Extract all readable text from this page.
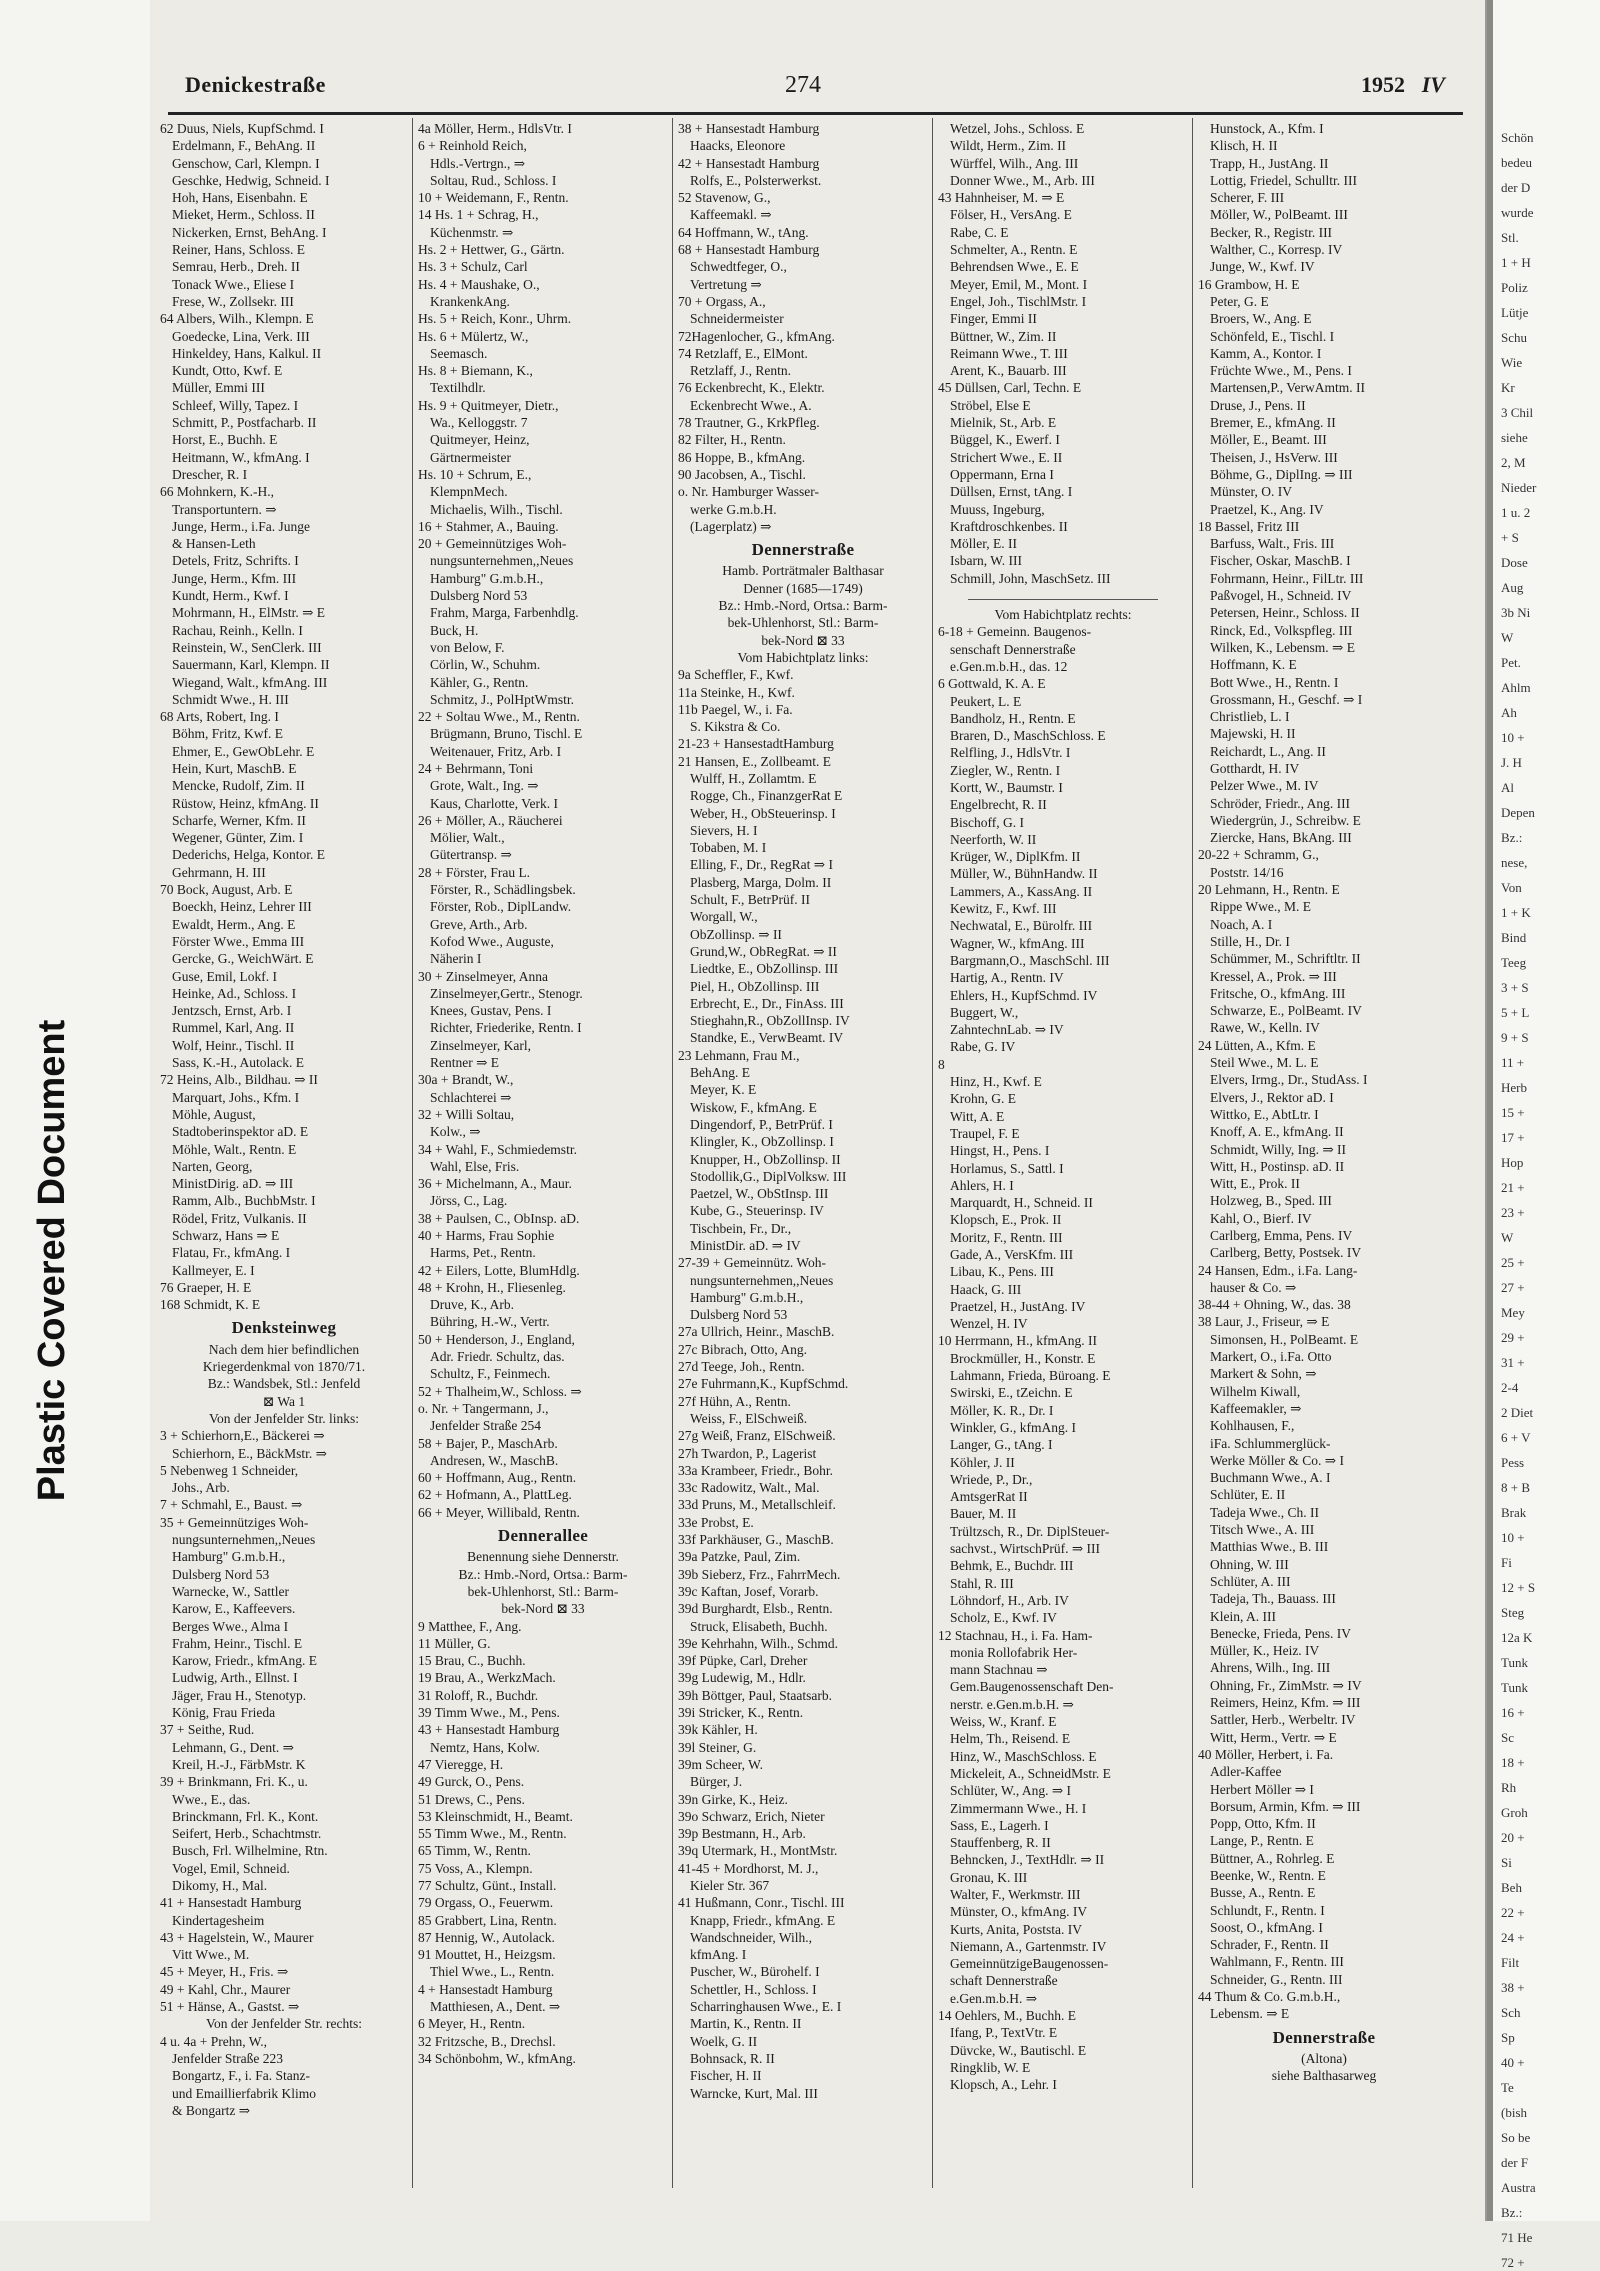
Plastic Covered Document
Denickestraße	274	1952 IV
62 Duus, Niels, KupfSchmd. I
Erdelmann, F., BehAng. II
Genschow, Carl, Klempn. I
Geschke, Hedwig, Schneid. I
Hoh, Hans, Eisenbahn. E
Mieket, Herm., Schloss. II
Nickerken, Ernst, BehAng. I
Reiner, Hans, Schloss. E
Semrau, Herb., Dreh. II
Tonack Wwe., Eliese I
Frese, W., Zollsekr. III
64 Albers, Wilh., Klempn. E
Goedecke, Lina, Verk. III
Hinkeldey, Hans, Kalkul. II
Kundt, Otto, Kwf. E
Müller, Emmi III
Schleef, Willy, Tapez. I
Schmitt, P., Postfacharb. II
Horst, E., Buchh. E
Heitmann, W., kfmAng. I
Drescher, R. I
66 Mohnkern, K.-H.,
Transportuntern. ⇒
Junge, Herm., i.Fa. Junge
& Hansen-Leth
Detels, Fritz, Schrifts. I
Junge, Herm., Kfm. III
Kundt, Herm., Kwf. I
Mohrmann, H., ElMstr. ⇒ E
Rachau, Reinh., Kelln. I
Reinstein, W., SenClerk. III
Sauermann, Karl, Klempn. II
Wiegand, Walt., kfmAng. III
Schmidt Wwe., H. III
68 Arts, Robert, Ing. I
Böhm, Fritz, Kwf. E
Ehmer, E., GewObLehr. E
Hein, Kurt, MaschB. E
Mencke, Rudolf, Zim. II
Rüstow, Heinz, kfmAng. II
Scharfe, Werner, Kfm. II
Wegener, Günter, Zim. I
Dederichs, Helga, Kontor. E
Gehrmann, H. III
70 Bock, August, Arb. E
Boeckh, Heinz, Lehrer III
Ewaldt, Herm., Ang. E
Förster Wwe., Emma III
Gercke, G., WeichWärt. E
Guse, Emil, Lokf. I
Heinke, Ad., Schloss. I
Jentzsch, Ernst, Arb. I
Rummel, Karl, Ang. II
Wolf, Heinr., Tischl. II
Sass, K.-H., Autolack. E
72 Heins, Alb., Bildhau. ⇒ II
Marquart, Johs., Kfm. I
Möhle, August,
Stadtoberinspektor aD. E
Möhle, Walt., Rentn. E
Narten, Georg,
MinistDirig. aD. ⇒ III
Ramm, Alb., BuchbMstr. I
Rödel, Fritz, Vulkanis. II
Schwarz, Hans ⇒ E
Flatau, Fr., kfmAng. I
Kallmeyer, E. I
76 Graeper, H. E
168 Schmidt, K. E
Denksteinweg
Nach dem hier befindlichen
Kriegerdenkmal von 1870/71.
Bz.: Wandsbek, Stl.: Jenfeld
⊠ Wa 1
Von der Jenfelder Str. links:
3 + Schierhorn,E., Bäckerei ⇒
Schierhorn, E., BäckMstr. ⇒
5 Nebenweg 1 Schneider,
Johs., Arb.
7 + Schmahl, E., Baust. ⇒
35 + Gemeinnütziges Woh-
nungsunternehmen,,Neues
Hamburg" G.m.b.H.,
Dulsberg Nord 53
Warnecke, W., Sattler
Karow, E., Kaffeevers.
Berges Wwe., Alma I
Frahm, Heinr., Tischl. E
Karow, Friedr., kfmAng. E
Ludwig, Arth., Ellnst. I
Jäger, Frau H., Stenotyp.
König, Frau Frieda
37 + Seithe, Rud.
Lehmann, G., Dent. ⇒
Kreil, H.-J., FärbMstr. K
39 + Brinkmann, Fri. K., u.
Wwe., E., das.
Brinckmann, Frl. K., Kont.
Seifert, Herb., Schachtmstr.
Busch, Frl. Wilhelmine, Rtn.
Vogel, Emil, Schneid.
Dikomy, H., Mal.
41 + Hansestadt Hamburg
Kindertagesheim
43 + Hagelstein, W., Maurer
Vitt Wwe., M.
45 + Meyer, H., Fris. ⇒
49 + Kahl, Chr., Maurer
51 + Hänse, A., Gastst. ⇒
Von der Jenfelder Str. rechts:
4 u. 4a + Prehn, W.,
Jenfelder Straße 223
Bongartz, F., i. Fa. Stanz-
und Emaillierfabrik Klimo
& Bongartz ⇒
4a Möller, Herm., HdlsVtr. I
6 + Reinhold Reich,
Hdls.-Vertrgn., ⇒
Soltau, Rud., Schloss. I
10 + Weidemann, F., Rentn.
14 Hs. 1 + Schrag, H.,
Küchenmstr. ⇒
Hs. 2 + Hettwer, G., Gärtn.
Hs. 3 + Schulz, Carl
Hs. 4 + Maushake, O.,
KrankenkAng.
Hs. 5 + Reich, Konr., Uhrm.
Hs. 6 + Mülertz, W.,
Seemasch.
Hs. 8 + Biemann, K.,
Textilhdlr.
Hs. 9 + Quitmeyer, Dietr.,
Wa., Kelloggstr. 7
Quitmeyer, Heinz,
Gärtnermeister
Hs. 10 + Schrum, E.,
KlempnMech.
Michaelis, Wilh., Tischl.
16 + Stahmer, A., Bauing.
20 + Gemeinnütziges Woh-
nungsunternehmen,,Neues
Hamburg" G.m.b.H.,
Dulsberg Nord 53
Frahm, Marga, Farbenhdlg.
Buck, H.
von Below, F.
Cörlin, W., Schuhm.
Kähler, G., Rentn.
Schmitz, J., PolHptWmstr.
22 + Soltau Wwe., M., Rentn.
Brügmann, Bruno, Tischl. E
Weitenauer, Fritz, Arb. I
24 + Behrmann, Toni
Grote, Walt., Ing. ⇒
Kaus, Charlotte, Verk. I
26 + Möller, A., Räucherei
Mölier, Walt.,
Gütertransp. ⇒
28 + Förster, Frau L.
Förster, R., Schädlingsbek.
Förster, Rob., DiplLandw.
Greve, Arth., Arb.
Kofod Wwe., Auguste,
Näherin I
30 + Zinselmeyer, Anna
Zinselmeyer,Gertr., Stenogr.
Knees, Gustav, Pens. I
Richter, Friederike, Rentn. I
Zinselmeyer, Karl,
Rentner ⇒ E
30a + Brandt, W.,
Schlachterei ⇒
32 + Willi Soltau,
Kolw., ⇒
34 + Wahl, F., Schmiedemstr.
Wahl, Else, Fris.
36 + Michelmann, A., Maur.
Jörss, C., Lag.
38 + Paulsen, C., ObInsp. aD.
40 + Harms, Frau Sophie
Harms, Pet., Rentn.
42 + Eilers, Lotte, BlumHdlg.
48 + Krohn, H., Fliesenleg.
Druve, K., Arb.
Bühring, H.-W., Vertr.
50 + Henderson, J., England,
Adr. Friedr. Schultz, das.
Schultz, F., Feinmech.
52 + Thalheim,W., Schloss. ⇒
o. Nr. + Tangermann, J.,
Jenfelder Straße 254
58 + Bajer, P., MaschArb.
Andresen, W., MaschB.
60 + Hoffmann, Aug., Rentn.
62 + Hofmann, A., PlattLeg.
66 + Meyer, Willibald, Rentn.
Dennerallee
Benennung siehe Dennerstr.
Bz.: Hmb.-Nord, Ortsa.: Barm-
bek-Uhlenhorst, Stl.: Barm-
bek-Nord ⊠ 33
9 Matthee, F., Ang.
11 Müller, G.
15 Brau, C., Buchh.
19 Brau, A., WerkzMach.
31 Roloff, R., Buchdr.
39 Timm Wwe., M., Pens.
43 + Hansestadt Hamburg
Nemtz, Hans, Kolw.
47 Viereggе, H.
49 Gurck, O., Pens.
51 Drews, C., Pens.
53 Kleinschmidt, H., Beamt.
55 Timm Wwe., M., Rentn.
65 Timm, W., Rentn.
75 Voss, A., Klempn.
77 Schultz, Günt., Install.
79 Orgass, O., Feuerwm.
85 Grabbert, Lina, Rentn.
87 Hennig, W., Autolack.
91 Mouttet, H., Heizgsm.
Thiel Wwe., L., Rentn.
4 + Hansestadt Hamburg
Matthiesen, A., Dent. ⇒
6 Meyer, H., Rentn.
32 Fritzsche, B., Drechsl.
34 Schönbohm, W., kfmAng.
38 + Hansestadt Hamburg
Haacks, Eleonore
42 + Hansestadt Hamburg
Rolfs, E., Polsterwerkst.
52 Stavenow, G.,
Kaffeemakl. ⇒
64 Hoffmann, W., tAng.
68 + Hansestadt Hamburg
Schwedtfeger, O.,
Vertretung ⇒
70 + Orgass, A.,
Schneidermeister
72Hagenlocher, G., kfmAng.
74 Retzlaff, E., ElMont.
Retzlaff, J., Rentn.
76 Eckenbrecht, K., Elektr.
Eckenbrecht Wwe., A.
78 Trautner, G., KrkPfleg.
82 Filter, H., Rentn.
86 Hoppe, B., kfmAng.
90 Jacobsen, A., Tischl.
o. Nr. Hamburger Wasser-
werke G.m.b.H.
(Lagerplatz) ⇒
Dennerstraße
Hamb. Porträtmaler Balthasar
Denner (1685—1749)
Bz.: Hmb.-Nord, Ortsa.: Barm-
bek-Uhlenhorst, Stl.: Barm-
bek-Nord ⊠ 33
Vom Habichtplatz links:
9a Scheffler, F., Kwf.
11a Steinke, H., Kwf.
11b Paegel, W., i. Fa.
S. Kikstra & Co.
21-23 + HansestadtHamburg
21 Hansen, E., Zollbeamt. E
Wulff, H., Zollamtm. E
Rogge, Ch., FinanzgerRat E
Weber, H., ObSteuerinsp. I
Sievers, H. I
Tobaben, M. I
Elling, F., Dr., RegRat ⇒ I
Plasberg, Marga, Dolm. II
Schult, F., BetrPrüf. II
Worgall, W.,
ObZollinsp. ⇒ II
Grund,W., ObRegRat. ⇒ II
Liedtke, E., ObZollinsp. III
Piel, H., ObZollinsp. III
Erbrecht, E., Dr., FinAss. III
Stieghahn,R., ObZollInsp. IV
Standke, E., VerwBeamt. IV
23 Lehmann, Frau M.,
BehAng. E
Meyer, K. E
Wiskow, F., kfmAng. E
Dingendorf, P., BetrPrüf. I
Klingler, K., ObZollinsp. I
Knupper, H., ObZollinsp. II
Stodollik,G., DiplVolksw. III
Paetzel, W., ObStInsp. III
Kube, G., Steuerinsp. IV
Tischbein, Fr., Dr.,
MinistDir. aD. ⇒ IV
27-39 + Gemeinnütz. Woh-
nungsunternehmen,,Neues
Hamburg" G.m.b.H.,
Dulsberg Nord 53
27a Ullrich, Heinr., MaschB.
27c Bibrach, Otto, Ang.
27d Teege, Joh., Rentn.
27e Fuhrmann,K., KupfSchmd.
27f Hühn, A., Rentn.
Weiss, F., ElSchweiß.
27g Weiß, Franz, ElSchweiß.
27h Twardon, P., Lagerist
33a Krambeer, Friedr., Bohr.
33c Radowitz, Walt., Mal.
33d Pruns, M., Metallschleif.
33e Probst, E.
33f Parkhäuser, G., MaschB.
39a Patzke, Paul, Zim.
39b Sieberz, Frz., FahrrMech.
39c Kaftan, Josef, Vorarb.
39d Burghardt, Elsb., Rentn.
Struck, Elisabeth, Buchh.
39e Kehrhahn, Wilh., Schmd.
39f Püpke, Carl, Dreher
39g Ludewig, M., Hdlr.
39h Böttger, Paul, Staatsarb.
39i Stricker, K., Rentn.
39k Kähler, H.
39l Steiner, G.
39m Scheer, W.
Bürger, J.
39n Girke, K., Heiz.
39o Schwarz, Erich, Nieter
39p Bestmann, H., Arb.
39q Utermark, H., MontMstr.
41-45 + Mordhorst, M. J.,
Kieler Str. 367
41 Hußmann, Conr., Tischl. III
Knapp, Friedr., kfmAng. E
Wandschneider, Wilh.,
kfmAng. I
Puscher, W., Bürohelf. I
Schettler, H., Schloss. I
Scharringhausen Wwe., E. I
Martin, K., Rentn. II
Woelk, G. II
Bohnsack, R. II
Fischer, H. II
Warncke, Kurt, Mal. III
Wetzel, Johs., Schloss. E
Wildt, Herm., Zim. II
Würffel, Wilh., Ang. III
Donner Wwe., M., Arb. III
43 Hahnheiser, M. ⇒ E
Fölser, H., VersAng. E
Rabe, C. E
Schmelter, A., Rentn. E
Behrendsen Wwe., E. E
Meyer, Emil, M., Mont. I
Engel, Joh., TischlMstr. I
Finger, Emmi II
Büttner, W., Zim. II
Reimann Wwe., T. III
Arent, K., Bauarb. III
45 Düllsen, Carl, Techn. E
Ströbel, Else E
Mielnik, St., Arb. E
Büggel, K., Ewerf. I
Strichert Wwe., E. II
Oppermann, Erna I
Düllsen, Ernst, tAng. I
Muuss, Ingeburg,
Kraftdroschkenbes. II
Möller, E. II
Isbarn, W. III
Schmill, John, MaschSetz. III
Vom Habichtplatz rechts:
6-18 + Gemeinn. Baugenos-
senschaft Dennerstraße
e.Gen.m.b.H., das. 12
6 Gottwald, K. A. E
Peukert, L. E
Bandholz, H., Rentn. E
Braren, D., MaschSchloss. E
Relfling, J., HdlsVtr. I
Ziegler, W., Rentn. I
Kortt, W., Baumstr. I
Engelbrecht, R. II
Bischoff, G. I
Neerforth, W. II
Krüger, W., DiplKfm. II
Müller, W., BühnHandw. II
Lammers, A., KassAng. II
Kewitz, F., Kwf. III
Nechwatal, E., Bürolfr. III
Wagner, W., kfmAng. III
Bargmann,O., MaschSchl. III
Hartig, A., Rentn. IV
Ehlers, H., KupfSchmd. IV
Buggert, W.,
ZahntechnLab. ⇒ IV
Rabe, G. IV
8
Hinz, H., Kwf. E
Krohn, G. E
Witt, A. E
Traupel, F. E
Hingst, H., Pens. I
Horlamus, S., Sattl. I
Ahlers, H. I
Marquardt, H., Schneid. II
Klopsch, E., Prok. II
Moritz, F., Rentn. III
Gade, A., VersKfm. III
Libau, K., Pens. III
Haack, G. III
Praetzel, H., JustAng. IV
Wenzel, H. IV
10 Herrmann, H., kfmAng. II
Brockmüller, H., Konstr. E
Lahmann, Frieda, Büroang. E
Swirski, E., tZeichn. E
Möller, K. R., Dr. I
Winkler, G., kfmAng. I
Langer, G., tAng. I
Köhler, J. II
Wriede, P., Dr.,
AmtsgerRat II
Bauer, M. II
Trültzsch, R., Dr. DiplSteuer-
sachvst., WirtschPrüf. ⇒ III
Behmk, E., Buchdr. III
Stahl, R. III
Löhndorf, H., Arb. IV
Scholz, E., Kwf. IV
12 Stachnau, H., i. Fa. Ham-
monia Rollofabrik Her-
mann Stachnau ⇒
Gem.Baugenossenschaft Den-
nerstr. e.Gen.m.b.H. ⇒
Weiss, W., Kranf. E
Helm, Th., Reisend. E
Hinz, W., MaschSchloss. E
Mickeleit, A., SchneidMstr. E
Schlüter, W., Ang. ⇒ I
Zimmermann Wwe., H. I
Sass, E., Lagerh. I
Stauffenberg, R. II
Behncken, J., TextHdlr. ⇒ II
Gronau, K. III
Walter, F., Werkmstr. III
Münster, O., kfmAng. IV
Kurts, Anita, Poststa. IV
Niemann, A., Gartenmstr. IV
GemeinnützigeBaugenossen-
schaft Dennerstraße
e.Gen.m.b.H. ⇒
14 Oehlers, M., Buchh. E
Ifang, P., TextVtr. E
Düvcke, W., Bautischl. E
Ringklib, W. E
Klopsch, A., Lehr. I
Hunstock, A., Kfm. I
Klisch, H. II
Trapp, H., JustAng. II
Lottig, Friedel, Schulltr. III
Scherer, F. III
Möller, W., PolBeamt. III
Becker, R., Registr. III
Walther, C., Korresp. IV
Junge, W., Kwf. IV
16 Grambow, H. E
Peter, G. E
Broers, W., Ang. E
Schönfeld, E., Tischl. I
Kamm, A., Kontor. I
Früchte Wwe., M., Pens. I
Martensen,P., VerwAmtm. II
Druse, J., Pens. II
Bremer, E., kfmAng. II
Möller, E., Beamt. III
Theisen, J., HsVerw. III
Böhme, G., DiplIng. ⇒ III
Münster, O. IV
Praetzel, K., Ang. IV
18 Bassel, Fritz III
Barfuss, Walt., Fris. III
Fischer, Oskar, MaschB. I
Fohrmann, Heinr., FilLtr. III
Paßvogel, H., Schneid. IV
Petersen, Heinr., Schloss. II
Rinck, Ed., Volkspfleg. III
Wilken, K., Lebensm. ⇒ E
Hoffmann, K. E
Bott Wwe., H., Rentn. I
Grossmann, H., Geschf. ⇒ I
Christlieb, L. I
Majewski, H. II
Reichardt, L., Ang. II
Gotthardt, H. IV
Pelzer Wwe., M. IV
Schröder, Friedr., Ang. III
Wiedergrün, J., Schreibw. E
Ziercke, Hans, BkAng. III
20-22 + Schramm, G.,
Poststr. 14/16
20 Lehmann, H., Rentn. E
Rippe Wwe., M. E
Noach, A. I
Stille, H., Dr. I
Schümmer, M., Schriftltr. II
Kressel, A., Prok. ⇒ III
Fritsche, O., kfmAng. III
Schwarze, E., PolBeamt. IV
Rawe, W., Kelln. IV
24 Lütten, A., Kfm. E
Steil Wwe., M. L. E
Elvers, Irmg., Dr., StudAss. I
Elvers, J., Rektor aD. I
Wittko, E., AbtLtr. I
Knoff, A. E., kfmAng. II
Schmidt, Willy, Ing. ⇒ II
Witt, H., Postinsp. aD. II
Witt, E., Prok. II
Holzweg, B., Sped. III
Kahl, O., Bierf. IV
Carlberg, Emma, Pens. IV
Carlberg, Betty, Postsek. IV
24 Hansen, Edm., i.Fa. Lang-
hauser & Co. ⇒
38-44 + Ohning, W., das. 38
38 Laur, J., Friseur, ⇒ E
Simonsen, H., PolBeamt. E
Markert, O., i.Fa. Otto
Markert & Sohn, ⇒
Wilhelm Kiwall,
Kaffeemakler, ⇒
Kohlhausen, F.,
iFa. Schlummerglück-
Werke Möller & Co. ⇒ I
Buchmann Wwe., A. I
Schlüter, E. II
Tadeja Wwe., Ch. II
Titsch Wwe., A. III
Matthias Wwe., B. III
Ohning, W. III
Schlüter, A. III
Tadeja, Th., Bauass. III
Klein, A. III
Benecke, Frieda, Pens. IV
Müller, K., Heiz. IV
Ahrens, Wilh., Ing. III
Ohning, Fr., ZimMstr. ⇒ IV
Reimers, Heinz, Kfm. ⇒ III
Sattler, Herb., Werbeltr. IV
Witt, Herm., Vertr. ⇒ E
40 Möller, Herbert, i. Fa.
Adler-Kaffee
Herbert Möller ⇒ I
Borsum, Armin, Kfm. ⇒ III
Popp, Otto, Kfm. II
Lange, P., Rentn. E
Büttner, A., Rohrleg. E
Beenke, W., Rentn. E
Busse, A., Rentn. E
Schlundt, F., Rentn. I
Soost, O., kfmAng. I
Schrader, F., Rentn. II
Wahlmann, F., Rentn. III
Schneider, G., Rentn. III
44 Thum & Co. G.m.b.H.,
Lebensm. ⇒ E
Dennerstraße
(Altona)
siehe Balthasarweg
Schön
bedeu
der D
wurde
Stl.
1 + H
Poliz
Lütje
Schu
Wie
Kr
3 Chil
siehe
2, M
Nieder
1 u. 2
+ S
Dose
Aug
3b Ni
W
Pet.
Ahlm
Ah
10 +
J. H
Al
Depen
Bz.:
nese,
Von
1 + K
Bind
Teeg
3 + S
5 + L
9 + S
11 +
Herb
15 +
17 +
Hop
21 +
23 +
W
25 +
27 +
Mey
29 +
31 +
2-4
2 Diet
6 + V
Pess
8 + B
Brak
10 +
Fi
12 + S
Steg
12a K
Tunk
Tunk
16 +
Sc
18 +
Rh
Groh
20 +
Si
Beh
22 +
24 +
Filt
38 +
Sch
Sp
40 +
Te
(bish
So be
der F
Austra
Bz.:
71 He
72 +
